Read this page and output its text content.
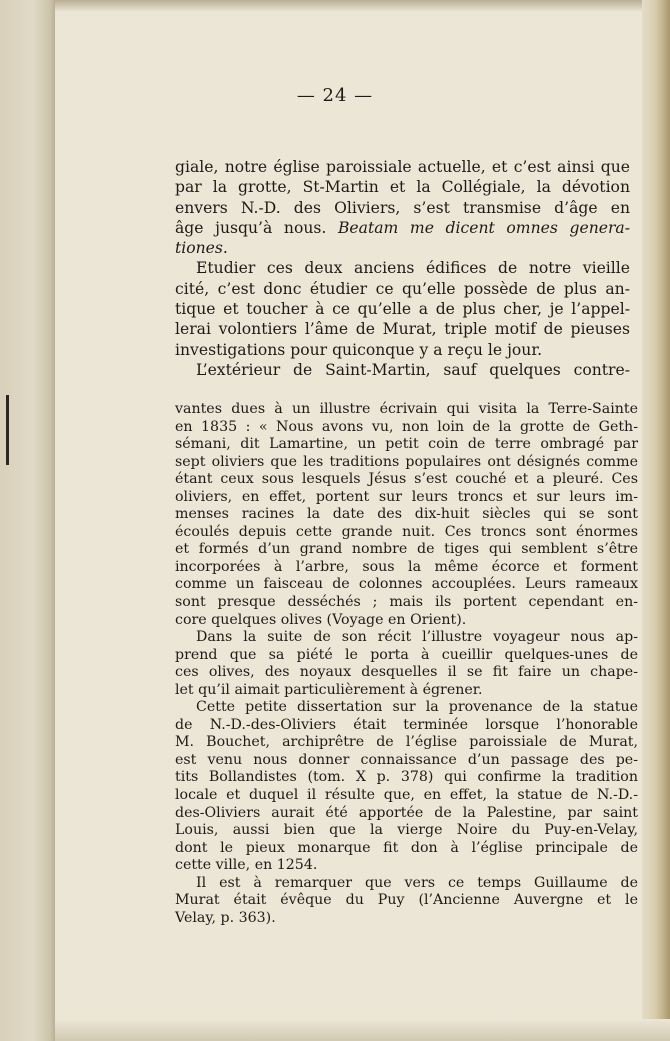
— 24 —

giale, notre église paroissiale actuelle, et c’est ainsi que
par la grotte, St-Martin et la Collégiale, la dévotion
envers N.-D. des Oliviers, s’est transmise d’âge en
âge jusqu’à nous. Beatam me dicent omnes genera-
tiones.

Etudier ces deux anciens édifices de notre vieille
cité, c’est donc étudier ce qu’elle possède de plus an-
tique et toucher à ce qu’elle a de plus cher, je l’appel-
lerai volontiers l’âme de Murat, triple motif de pieuses
investigations pour quiconque y a reçu le jour.

L’extérieur de Saint-Martin, sauf quelques contre-

vantes dues à un illustre écrivain qui visita la Terre-Sainte
en 1835 : « Nous avons vu, non loin de la grotte de Geth-
sémani, dit Lamartine, un petit coin de terre ombragé par
sept oliviers que les traditions populaires ont désignés comme
étant ceux sous lesquels Jésus s’est couché et a pleuré. Ces
oliviers, en effet, portent sur leurs troncs et sur leurs im-
menses racines la date des dix-huit siècles qui se sont
écoulés depuis cette grande nuit. Ces troncs sont énormes
et formés d’un grand nombre de tiges qui semblent s’être
incorporées à l’arbre, sous la même écorce et forment
comme un faisceau de colonnes accouplées. Leurs rameaux
sont presque desséchés ; mais ils portent cependant en-
core quelques olives (Voyage en Orient).

Dans la suite de son récit l’illustre voyageur nous ap-
prend que sa piété le porta à cueillir quelques-unes de
ces olives, des noyaux desquelles il se fit faire un chape-
let qu’il aimait particulièrement à égrener.

Cette petite dissertation sur la provenance de la statue
de N.-D.-des-Oliviers était terminée lorsque l’honorable
M. Bouchet, archiprêtre de l’église paroissiale de Murat,
est venu nous donner connaissance d’un passage des pe-
tits Bollandistes (tom. X p. 378) qui confirme la tradition
locale et duquel il résulte que, en effet, la statue de N.-D.-
des-Oliviers aurait été apportée de la Palestine, par saint
Louis, aussi bien que la vierge Noire du Puy-en-Velay,
dont le pieux monarque fit don à l’église principale de
cette ville, en 1254.

Il est à remarquer que vers ce temps Guillaume de
Murat était évêque du Puy (l’Ancienne Auvergne et le
Velay, p. 363).
